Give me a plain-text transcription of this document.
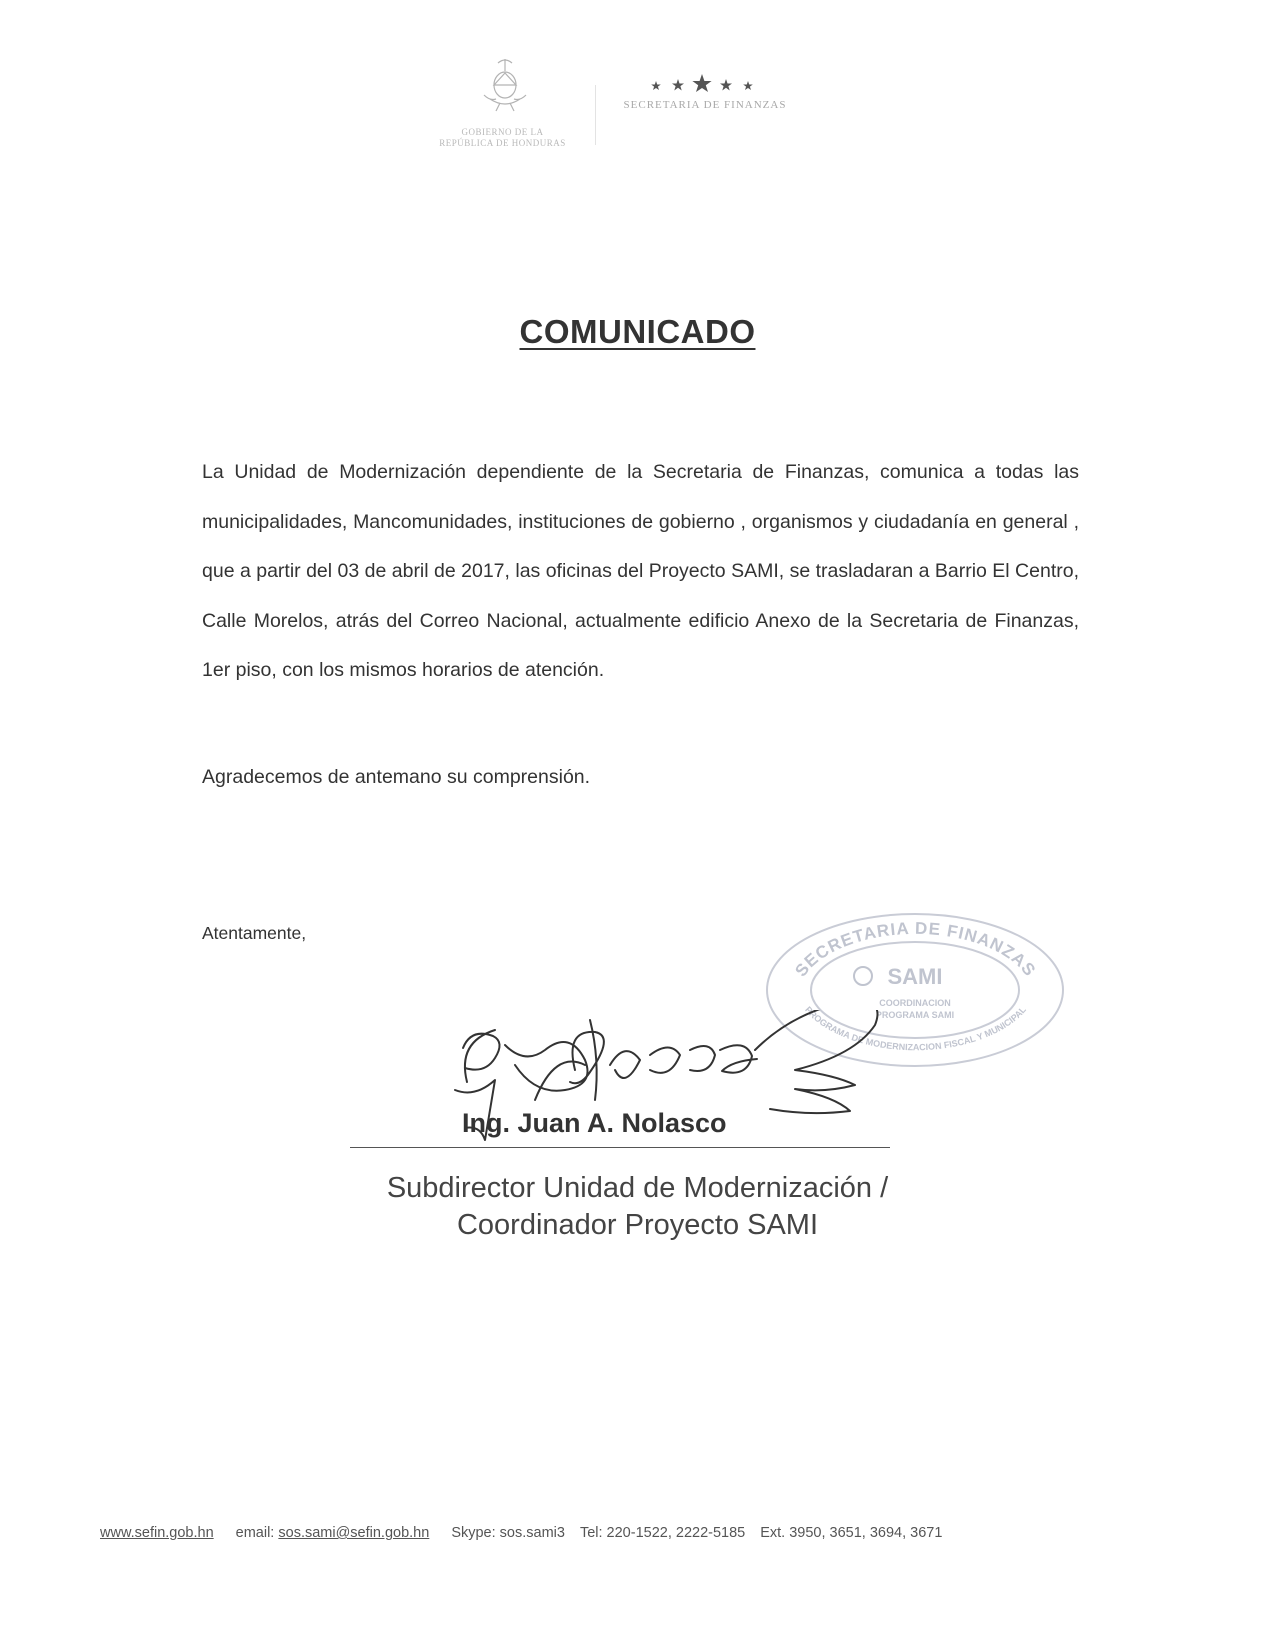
GOBIERNO DE LA
REPÚBLICA DE HONDURAS
SECRETARIA DE FINANZAS
COMUNICADO
La Unidad de Modernización dependiente de la Secretaria de Finanzas, comunica a todas las municipalidades, Mancomunidades, instituciones de gobierno , organismos y ciudadanía en general , que a partir del 03 de abril de 2017, las oficinas del Proyecto SAMI, se trasladaran a Barrio El Centro, Calle Morelos, atrás del Correo Nacional, actualmente edificio Anexo de la Secretaria de Finanzas, 1er piso, con los mismos horarios de atención.
Agradecemos de antemano su comprensión.
Atentamente,
SECRETARIA DE FINANZAS
PROGRAMA DE MODERNIZACION FISCAL Y MUNICIPAL
SAMI
COORDINACION
PROGRAMA SAMI
Ing. Juan A. Nolasco
Subdirector Unidad de Modernización /
Coordinador Proyecto SAMI
www.sefin.gob.hn email: sos.sami@sefin.gob.hn Skype: sos.sami3 Tel: 220-1522, 2222-5185 Ext. 3950, 3651, 3694, 3671
